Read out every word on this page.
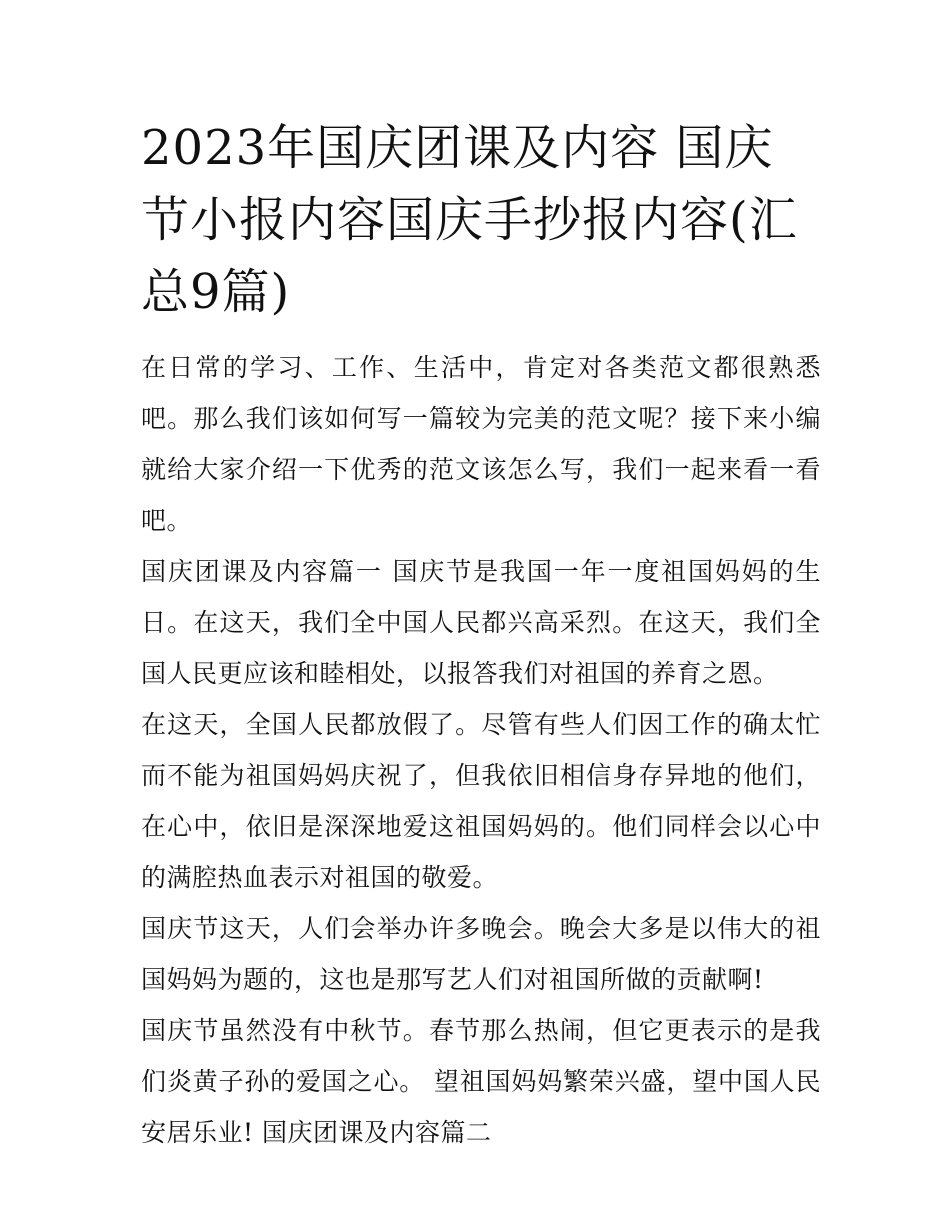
2023年国庆团课及内容 国庆节小报内容国庆手抄报内容(汇总9篇)

在日常的学习、工作、生活中，肯定对各类范文都很熟悉吧。那么我们该如何写一篇较为完美的范文呢？接下来小编就给大家介绍一下优秀的范文该怎么写，我们一起来看一看吧。

国庆团课及内容篇一 国庆节是我国一年一度祖国妈妈的生日。在这天，我们全中国人民都兴高采烈。在这天，我们全国人民更应该和睦相处，以报答我们对祖国的养育之恩。

在这天，全国人民都放假了。尽管有些人们因工作的确太忙而不能为祖国妈妈庆祝了，但我依旧相信身存异地的他们，在心中，依旧是深深地爱这祖国妈妈的。他们同样会以心中的满腔热血表示对祖国的敬爱。

国庆节这天，人们会举办许多晚会。晚会大多是以伟大的祖国妈妈为题的，这也是那写艺人们对祖国所做的贡献啊!

国庆节虽然没有中秋节。春节那么热闹，但它更表示的是我们炎黄子孙的爱国之心。 望祖国妈妈繁荣兴盛，望中国人民安居乐业! 国庆团课及内容篇二
